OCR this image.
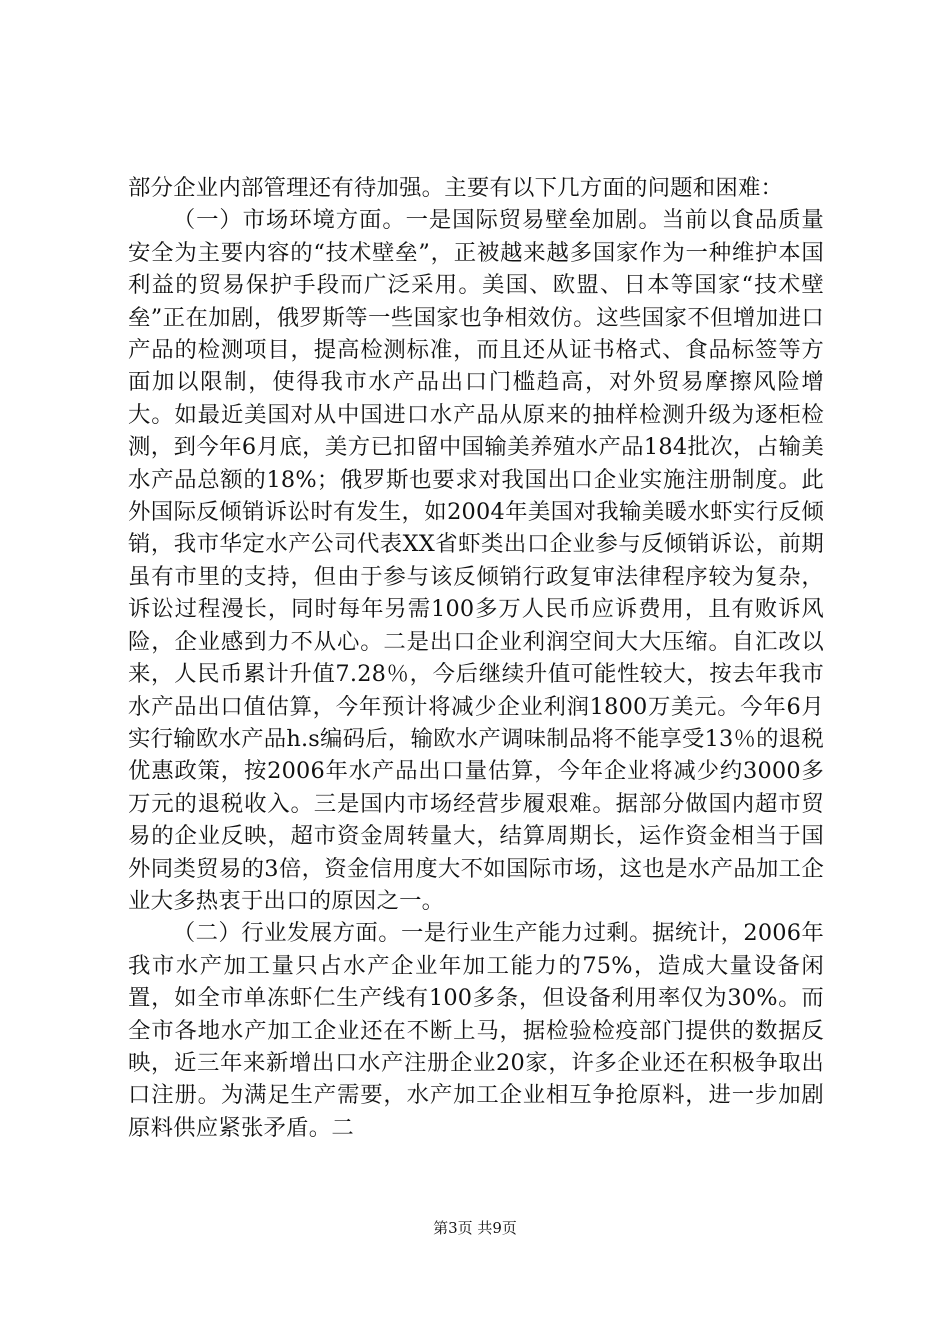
部分企业内部管理还有待加强。主要有以下几方面的问题和困难：

（一）市场环境方面。一是国际贸易壁垒加剧。当前以食品质量安全为主要内容的“技术壁垒”，正被越来越多国家作为一种维护本国利益的贸易保护手段而广泛采用。美国、欧盟、日本等国家“技术壁垒”正在加剧，俄罗斯等一些国家也争相效仿。这些国家不但增加进口产品的检测项目，提高检测标准，而且还从证书格式、食品标签等方面加以限制，使得我市水产品出口门槛趋高，对外贸易摩擦风险增大。如最近美国对从中国进口水产品从原来的抽样检测升级为逐柜检测，到今年6月底，美方已扣留中国输美养殖水产品184批次，占输美水产品总额的18%；俄罗斯也要求对我国出口企业实施注册制度。此外国际反倾销诉讼时有发生，如2004年美国对我输美暖水虾实行反倾销，我市华定水产公司代表XX省虾类出口企业参与反倾销诉讼，前期虽有市里的支持，但由于参与该反倾销行政复审法律程序较为复杂，诉讼过程漫长，同时每年另需100多万人民币应诉费用，且有败诉风险，企业感到力不从心。二是出口企业利润空间大大压缩。自汇改以来，人民币累计升值7.28％，今后继续升值可能性较大，按去年我市水产品出口值估算，今年预计将减少企业利润1800万美元。今年6月实行输欧水产品h.s编码后，输欧水产调味制品将不能享受13％的退税优惠政策，按2006年水产品出口量估算，今年企业将减少约3000多万元的退税收入。三是国内市场经营步履艰难。据部分做国内超市贸易的企业反映，超市资金周转量大，结算周期长，运作资金相当于国外同类贸易的3倍，资金信用度大不如国际市场，这也是水产品加工企业大多热衷于出口的原因之一。

（二）行业发展方面。一是行业生产能力过剩。据统计，2006年我市水产加工量只占水产企业年加工能力的75%，造成大量设备闲置，如全市单冻虾仁生产线有100多条，但设备利用率仅为30%。而全市各地水产加工企业还在不断上马，据检验检疫部门提供的数据反映，近三年来新增出口水产注册企业20家，许多企业还在积极争取出口注册。为满足生产需要，水产加工企业相互争抢原料，进一步加剧原料供应紧张矛盾。二

第3页 共9页
